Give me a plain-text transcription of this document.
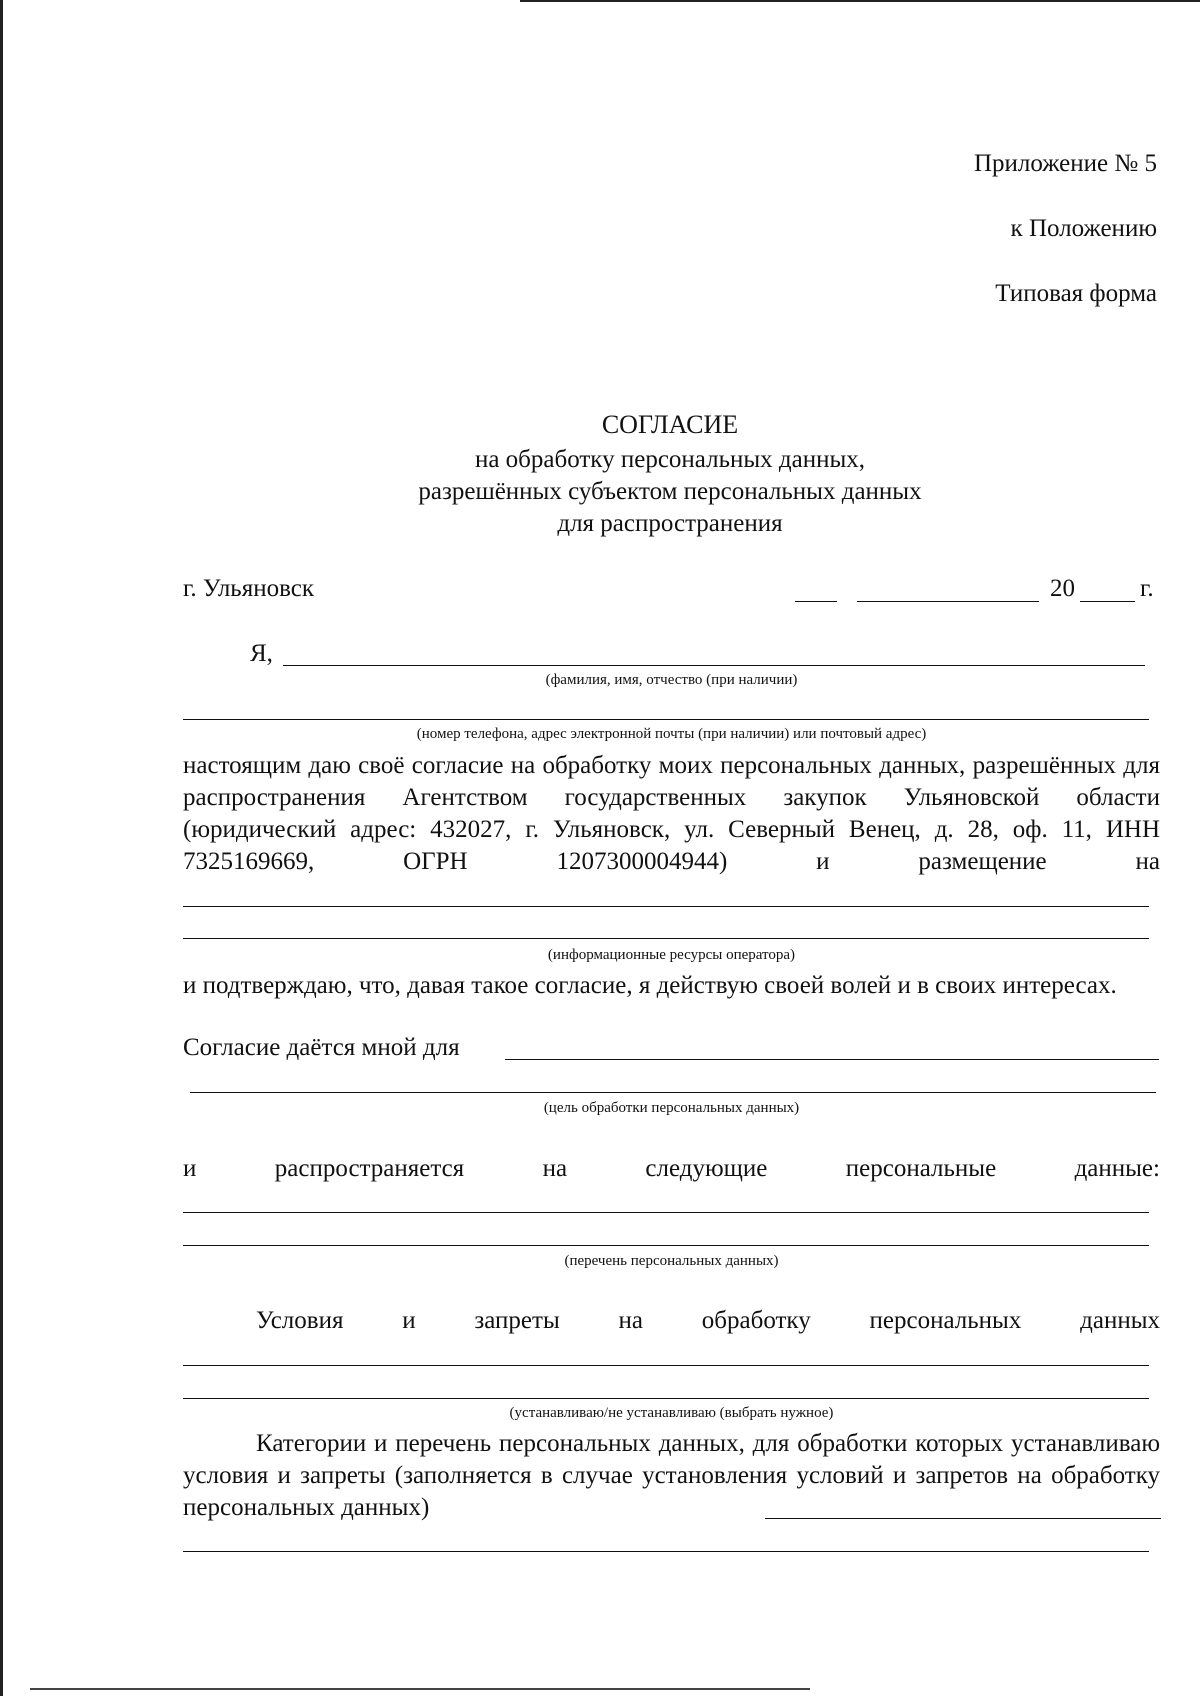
Приложение № 5
к Положению
Типовая форма
СОГЛАСИЕ
на обработку персональных данных,
разрешённых субъектом персональных данных
для распространения
г. Ульяновск	20	г.
Я,
(фамилия, имя, отчество (при наличии)
(номер телефона, адрес электронной почты (при наличии) или почтовый адрес)
настоящим даю своё согласие на обработку моих персональных данных, разрешённых для распространения Агентством государственных закупок Ульяновской области (юридический адрес: 432027, г. Ульяновск, ул. Северный Венец, д. 28, оф. 11, ИНН 7325169669, ОГРН 1207300004944) и размещение на
(информационные ресурсы оператора)
и подтверждаю, что, давая такое согласие, я действую своей волей и в своих интересах.
Согласие даётся мной для
(цель обработки персональных данных)
и	распространяется	на	следующие	персональные	данные:
(перечень персональных данных)
Условия и запреты на обработку персональных данных
(устанавливаю/не устанавливаю (выбрать нужное)
Категории и перечень персональных данных, для обработки которых устанавливаю условия и запреты (заполняется в случае установления условий и запретов на обработку персональных данных)
